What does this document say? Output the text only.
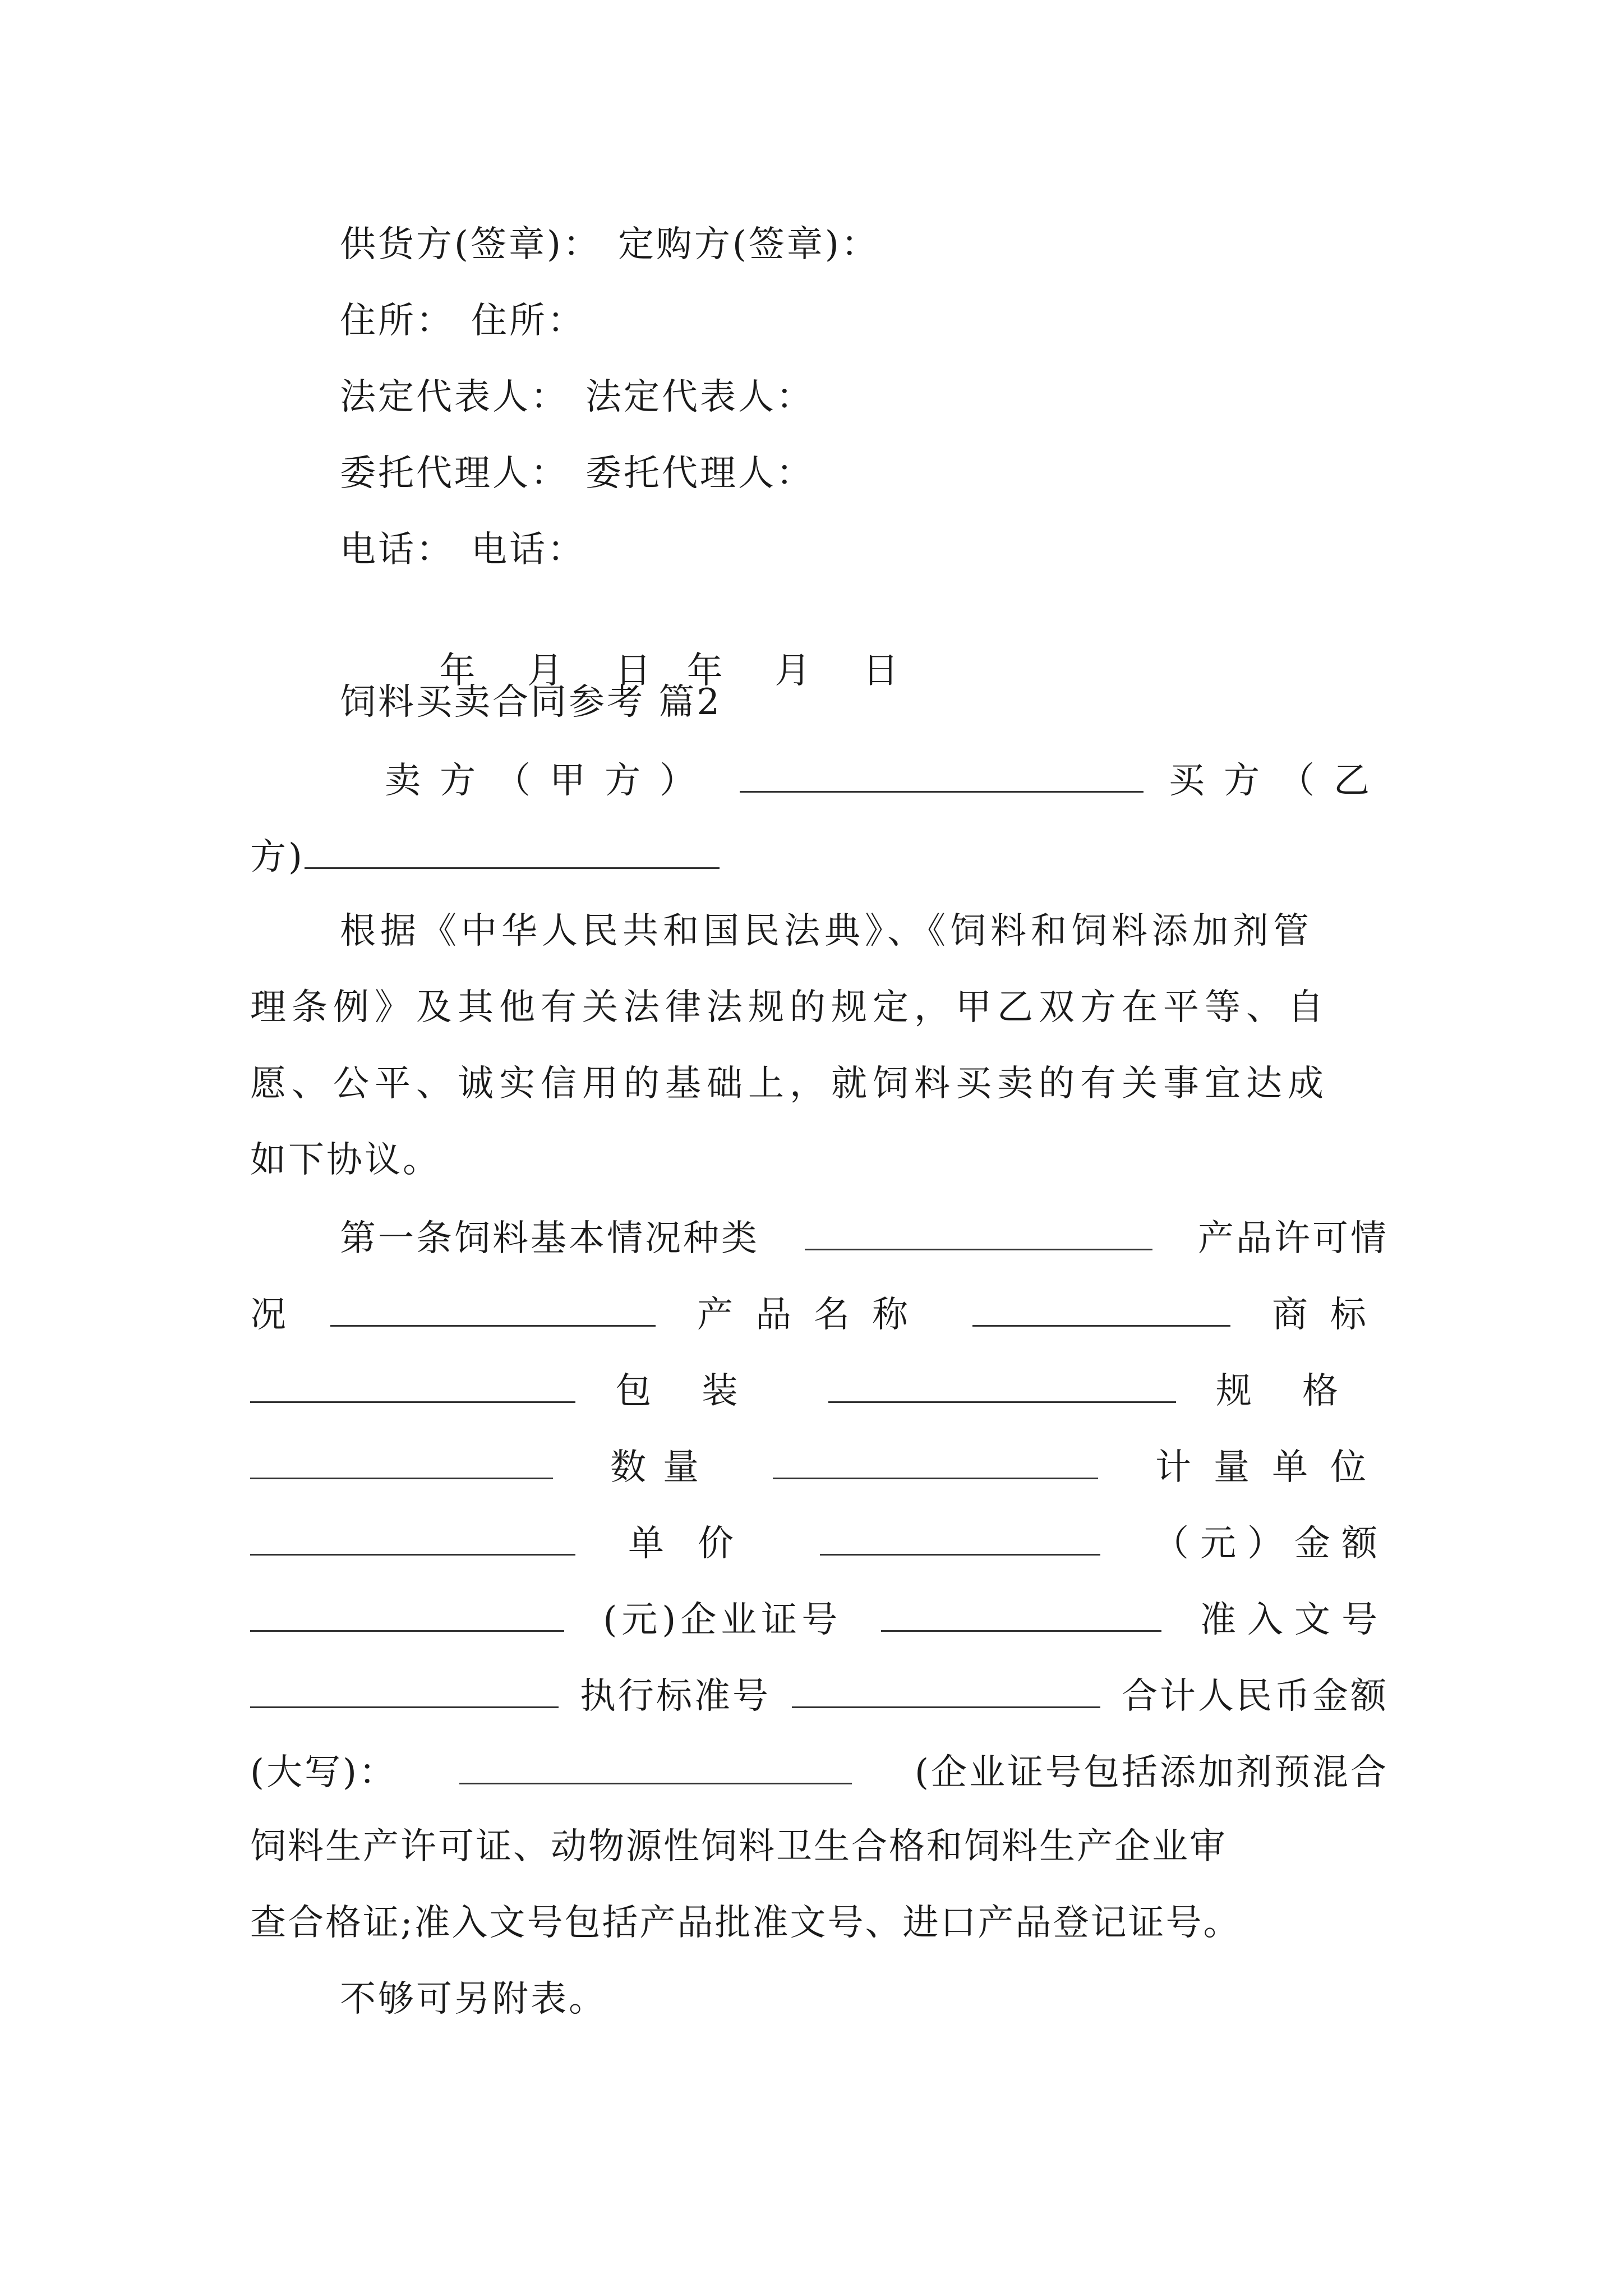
供货方(签章)： 定购方(签章)：
住所： 住所：
法定代表人： 法定代表人：
委托代理人： 委托代理人：
电话： 电话：

年  月  日 年  月  日

饲料买卖合同参考 篇2
卖方（甲方）	买方（乙
方)
根据《中华人民共和国民法典》、《饲料和饲料添加剂管
理条例》及其他有关法律法规的规定，甲乙双方在平等、自
愿、公平、诚实信用的基础上，就饲料买卖的有关事宜达成
如下协议。
第一条饲料基本情况种类	产品许可情
况	产品名称	商标
包装	规格
数量	计量单位
单价	（元）金额
(元)企业证号	准入文号
执行标准号	合计人民币金额
(大写)：	(企业证号包括添加剂预混合
饲料生产许可证、动物源性饲料卫生合格和饲料生产企业审
查合格证;准入文号包括产品批准文号、进口产品登记证号。
不够可另附表。
